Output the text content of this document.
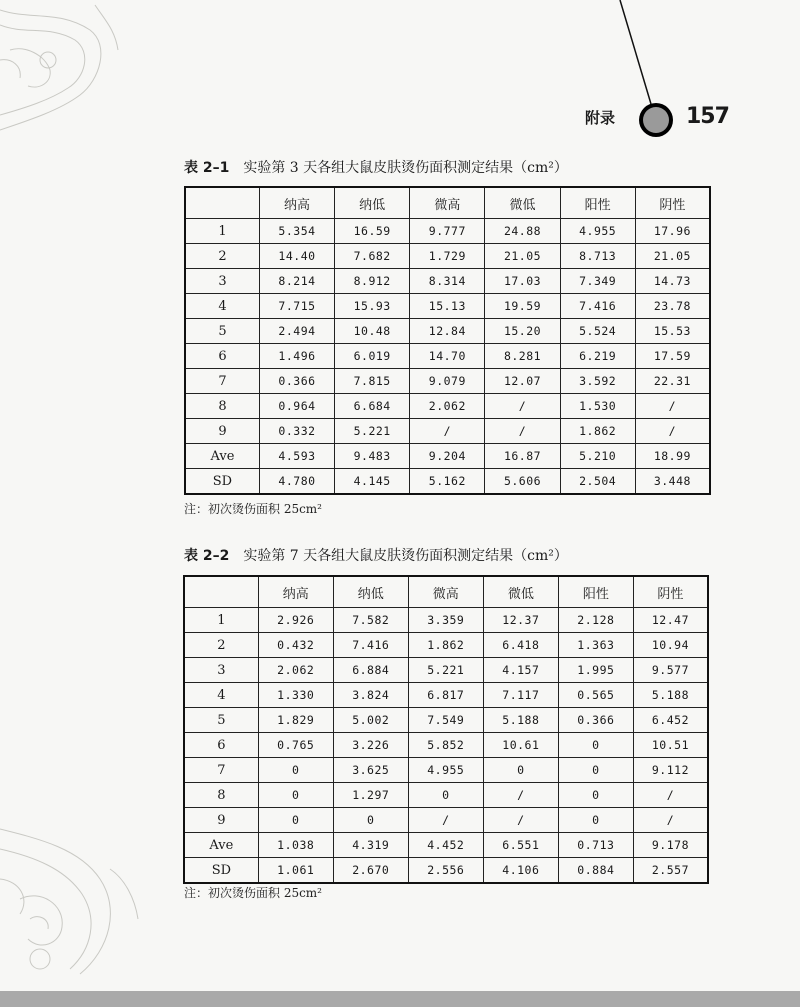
附录	157
表 2–1 实验第 3 天各组大鼠皮肤烫伤面积测定结果（cm²）
	纳高	纳低	微高	微低	阳性	阴性
1	5.354	16.59	9.777	24.88	4.955	17.96
2	14.40	7.682	1.729	21.05	8.713	21.05
3	8.214	8.912	8.314	17.03	7.349	14.73
4	7.715	15.93	15.13	19.59	7.416	23.78
5	2.494	10.48	12.84	15.20	5.524	15.53
6	1.496	6.019	14.70	8.281	6.219	17.59
7	0.366	7.815	9.079	12.07	3.592	22.31
8	0.964	6.684	2.062	/	1.530	/
9	0.332	5.221	/	/	1.862	/
Ave	4.593	9.483	9.204	16.87	5.210	18.99
SD	4.780	4.145	5.162	5.606	2.504	3.448
注：初次烫伤面积 25cm²
表 2–2 实验第 7 天各组大鼠皮肤烫伤面积测定结果（cm²）
	纳高	纳低	微高	微低	阳性	阴性
1	2.926	7.582	3.359	12.37	2.128	12.47
2	0.432	7.416	1.862	6.418	1.363	10.94
3	2.062	6.884	5.221	4.157	1.995	9.577
4	1.330	3.824	6.817	7.117	0.565	5.188
5	1.829	5.002	7.549	5.188	0.366	6.452
6	0.765	3.226	5.852	10.61	0	10.51
7	0	3.625	4.955	0	0	9.112
8	0	1.297	0	/	0	/
9	0	0	/	/	0	/
Ave	1.038	4.319	4.452	6.551	0.713	9.178
SD	1.061	2.670	2.556	4.106	0.884	2.557
注：初次烫伤面积 25cm²
